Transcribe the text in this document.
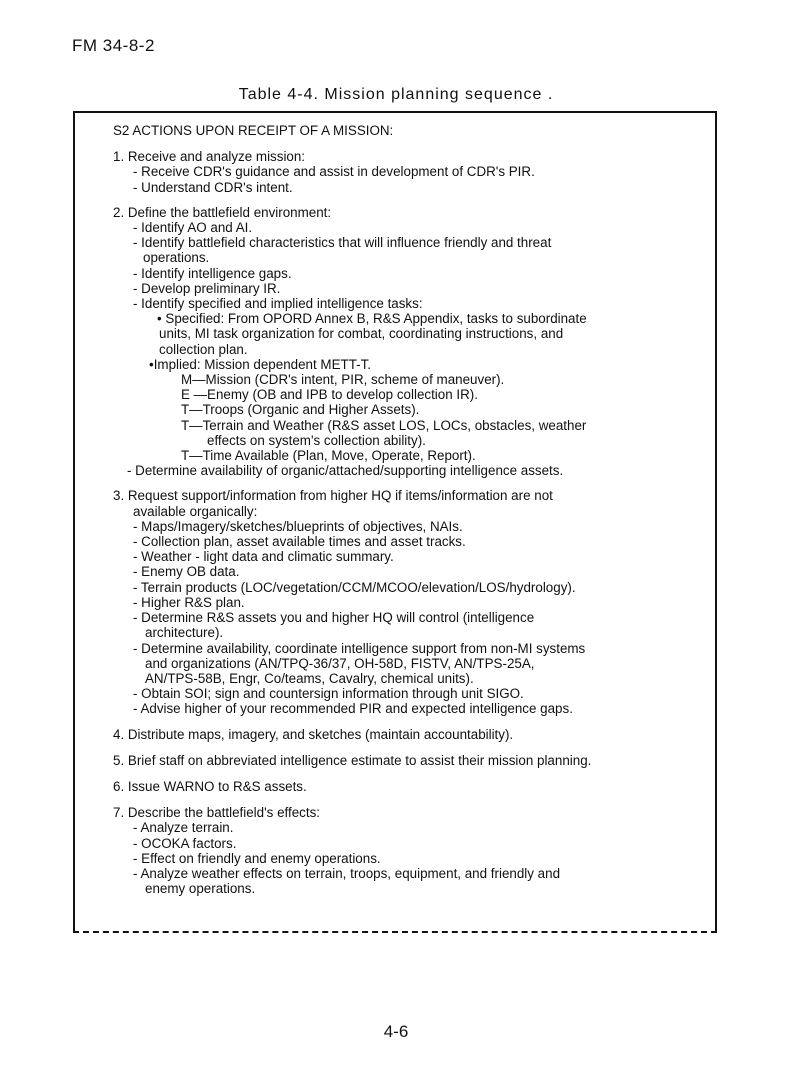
FM 34-8-2
Table 4-4. Mission planning sequence .
S2 ACTIONS UPON RECEIPT OF A MISSION:
1. Receive and analyze mission:
- Receive CDR's guidance and assist in development of CDR's PIR.
- Understand CDR's intent.
2. Define the battlefield environment:
- Identify AO and AI.
- Identify battlefield characteristics that will influence friendly and threat
operations.
- Identify intelligence gaps.
- Develop preliminary IR.
- Identify specified and implied intelligence tasks:
• Specified: From OPORD Annex B, R&S Appendix, tasks to subordinate
units, MI task organization for combat, coordinating instructions, and
collection plan.
•Implied: Mission dependent METT-T.
M—Mission (CDR's intent, PIR, scheme of maneuver).
E —Enemy (OB and IPB to develop collection IR).
T—Troops (Organic and Higher Assets).
T—Terrain and Weather (R&S asset LOS, LOCs, obstacles, weather
effects on system's collection ability).
T—Time Available (Plan, Move, Operate, Report).
- Determine availability of organic/attached/supporting intelligence assets.
3. Request support/information from higher HQ if items/information are not
available organically:
- Maps/Imagery/sketches/blueprints of objectives, NAIs.
- Collection plan, asset available times and asset tracks.
- Weather - light data and climatic summary.
- Enemy OB data.
- Terrain products (LOC/vegetation/CCM/MCOO/elevation/LOS/hydrology).
- Higher R&S plan.
- Determine R&S assets you and higher HQ will control (intelligence
architecture).
- Determine availability, coordinate intelligence support from non-MI systems
and organizations (AN/TPQ-36/37, OH-58D, FISTV, AN/TPS-25A,
AN/TPS-58B, Engr, Co/teams, Cavalry, chemical units).
- Obtain SOI; sign and countersign information through unit SIGO.
- Advise higher of your recommended PIR and expected intelligence gaps.
4. Distribute maps, imagery, and sketches (maintain accountability).
5. Brief staff on abbreviated intelligence estimate to assist their mission planning.
6. Issue WARNO to R&S assets.
7. Describe the battlefield's effects:
- Analyze terrain.
- OCOKA factors.
- Effect on friendly and enemy operations.
- Analyze weather effects on terrain, troops, equipment, and friendly and
enemy operations.
4-6
